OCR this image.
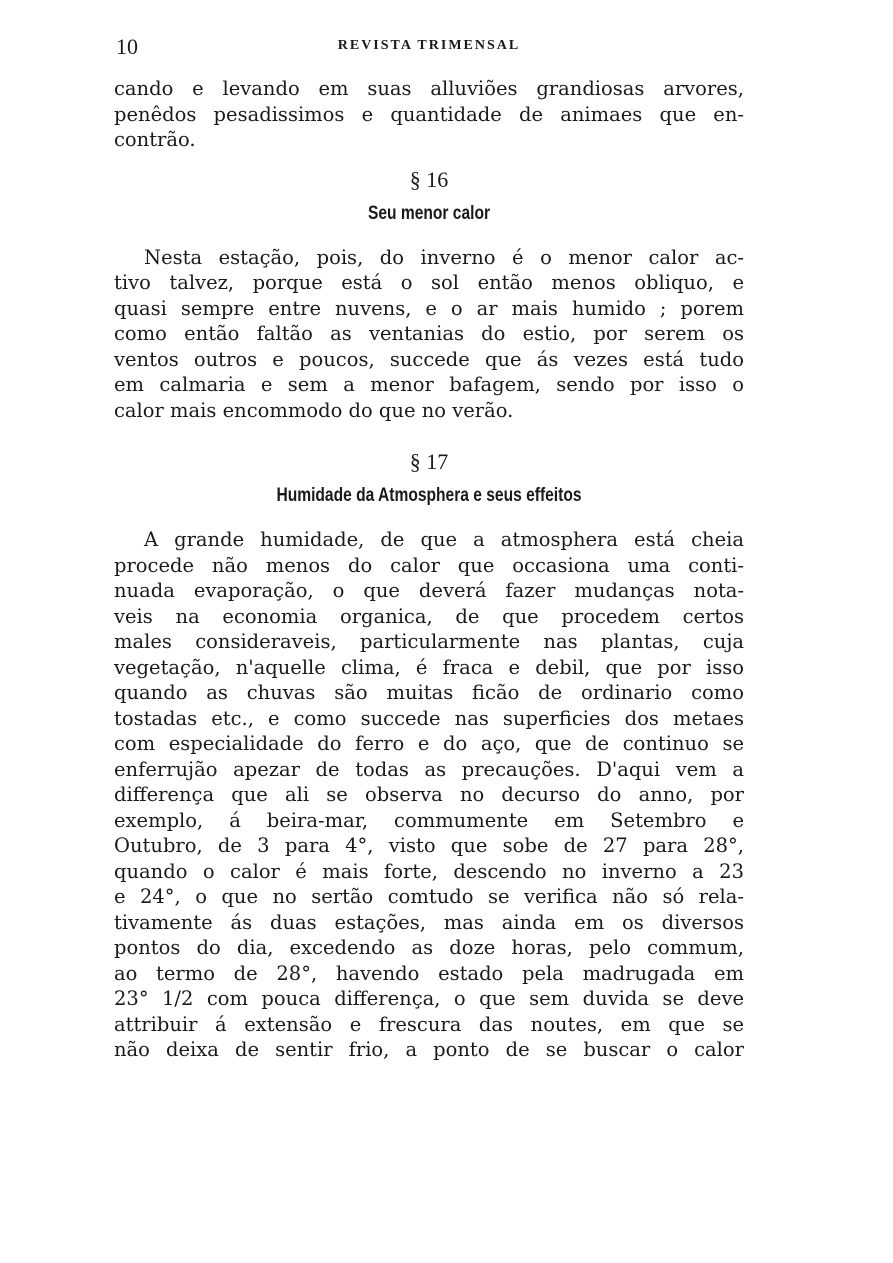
10	REVISTA TRIMENSAL

cando e levando em suas alluviões grandiosas arvores,
penêdos pesadissimos e quantidade de animaes que en-
contrão.

§ 16
Seu menor calor

Nesta estação, pois, do inverno é o menor calor ac-
tivo talvez, porque está o sol então menos obliquo, e
quasi sempre entre nuvens, e o ar mais humido ; porem
como então faltão as ventanias do estio, por serem os
ventos outros e poucos, succede que ás vezes está tudo
em calmaria e sem a menor bafagem, sendo por isso o
calor mais encommodo do que no verão.

§ 17
Humidade da Atmosphera e seus effeitos

A grande humidade, de que a atmosphera está cheia
procede não menos do calor que occasiona uma conti-
nuada evaporação, o que deverá fazer mudanças nota-
veis na economia organica, de que procedem certos
males consideraveis, particularmente nas plantas, cuja
vegetação, n'aquelle clima, é fraca e debil, que por isso
quando as chuvas são muitas ficão de ordinario como
tostadas etc., e como succede nas superficies dos metaes
com especialidade do ferro e do aço, que de continuo se
enferrujão apezar de todas as precauções. D'aqui vem a
differença que ali se observa no decurso do anno, por
exemplo, á beira-mar, commumente em Setembro e
Outubro, de 3 para 4°, visto que sobe de 27 para 28°,
quando o calor é mais forte, descendo no inverno a 23
e 24°, o que no sertão comtudo se verifica não só rela-
tivamente ás duas estações, mas ainda em os diversos
pontos do dia, excedendo as doze horas, pelo commum,
ao termo de 28°, havendo estado pela madrugada em
23° 1/2 com pouca differença, o que sem duvida se deve
attribuir á extensão e frescura das noutes, em que se
não deixa de sentir frio, a ponto de se buscar o calor
